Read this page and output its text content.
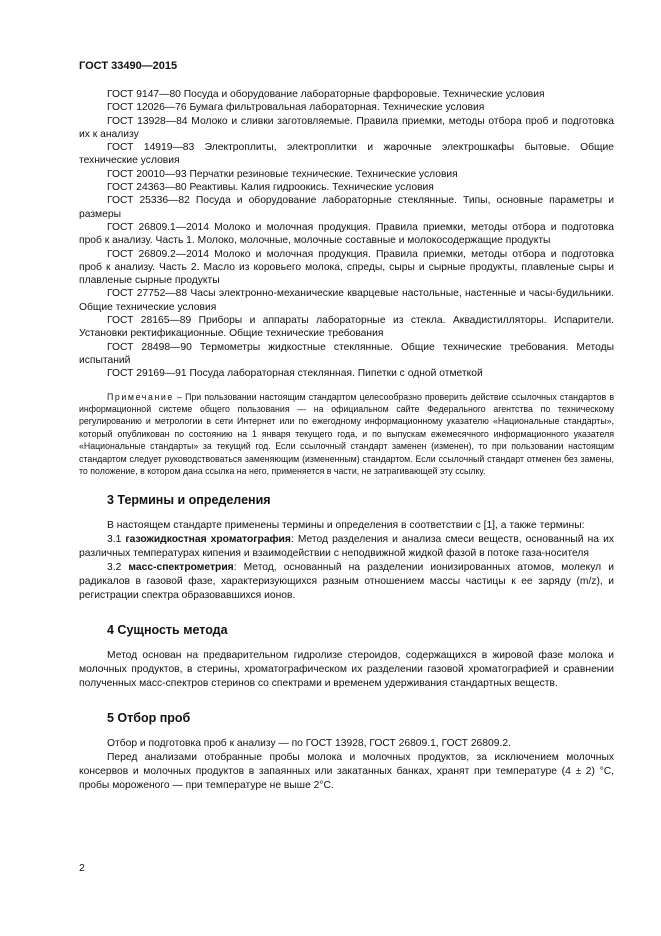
ГОСТ 33490—2015

ГОСТ 9147—80 Посуда и оборудование лабораторные фарфоровые. Технические условия

ГОСТ 12026—76 Бумага фильтровальная лабораторная. Технические условия

ГОСТ 13928—84 Молоко и сливки заготовляемые. Правила приемки, методы отбора проб и подготовка их к анализу

ГОСТ 14919—83 Электроплиты, электроплитки и жарочные электрошкафы бытовые. Общие технические условия

ГОСТ 20010—93 Перчатки резиновые технические. Технические условия

ГОСТ 24363—80 Реактивы. Калия гидроокись. Технические условия

ГОСТ 25336—82 Посуда и оборудование лабораторные стеклянные. Типы, основные параметры и размеры

ГОСТ 26809.1—2014 Молоко и молочная продукция. Правила приемки, методы отбора и подготовка проб к анализу. Часть 1. Молоко, молочные, молочные составные и молокосодержащие продукты

ГОСТ 26809.2—2014 Молоко и молочная продукция. Правила приемки, методы отбора и подготовка проб к анализу. Часть 2. Масло из коровьего молока, спреды, сыры и сырные продукты, плавленые сыры и плавленые сырные продукты

ГОСТ 27752—88 Часы электронно-механические кварцевые настольные, настенные и часы-будильники. Общие технические условия

ГОСТ 28165—89 Приборы и аппараты лабораторные из стекла. Аквадистилляторы. Испарители. Установки ректификационные. Общие технические требования

ГОСТ 28498—90 Термометры жидкостные стеклянные. Общие технические требования. Методы испытаний

ГОСТ 29169—91 Посуда лабораторная стеклянная. Пипетки с одной отметкой

Примечание – При пользовании настоящим стандартом целесообразно проверить действие ссылочных стандартов в информационной системе общего пользования — на официальном сайте Федерального агентства по техническому регулированию и метрологии в сети Интернет или по ежегодному информационному указателю «Национальные стандарты», который опубликован по состоянию на 1 января текущего года, и по выпускам ежемесячного информационного указателя «Национальные стандарты» за текущий год. Если ссылочный стандарт заменен (изменен), то при пользовании настоящим стандартом следует руководствоваться заменяющим (измененным) стандартом. Если ссылочный стандарт отменен без замены, то положение, в котором дана ссылка на него, применяется в части, не затрагивающей эту ссылку.

3 Термины и определения

В настоящем стандарте применены термины и определения в соответствии с [1], а также термины:

3.1 газожидкостная хроматография: Метод разделения и анализа смеси веществ, основанный на их различных температурах кипения и взаимодействии с неподвижной жидкой фазой в потоке газа-носителя

3.2 масс-спектрометрия: Метод, основанный на разделении ионизированных атомов, молекул и радикалов в газовой фазе, характеризующихся разным отношением массы частицы к ее заряду (m/z), и регистрации спектра образовавшихся ионов.

4 Сущность метода

Метод основан на предварительном гидролизе стероидов, содержащихся в жировой фазе молока и молочных продуктов, в стерины, хроматографическом их разделении газовой хроматографией и сравнении полученных масс-спектров стеринов со спектрами и временем удерживания стандартных веществ.

5 Отбор проб

Отбор и подготовка проб к анализу — по ГОСТ 13928, ГОСТ 26809.1, ГОСТ 26809.2.

Перед анализами отобранные пробы молока и молочных продуктов, за исключением молочных консервов и молочных продуктов в запаянных или закатанных банках, хранят при температуре (4 ± 2) °С, пробы мороженого — при температуре не выше 2°С.

2
